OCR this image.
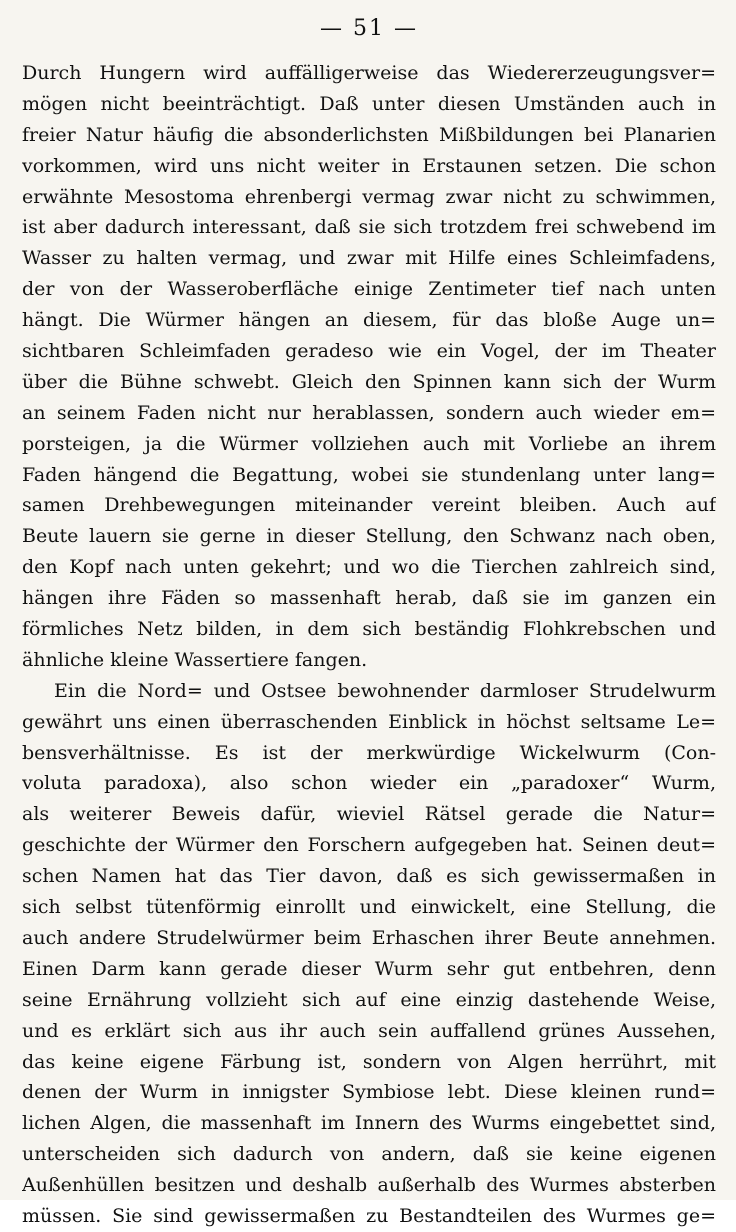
— 51 —
Durch Hungern wird auffälligerweise das Wiedererzeugungsver=
mögen nicht beeinträchtigt. Daß unter diesen Umständen auch in
freier Natur häufig die absonderlichsten Mißbildungen bei Planarien
vorkommen, wird uns nicht weiter in Erstaunen setzen. Die schon
erwähnte Mesostoma ehrenbergi vermag zwar nicht zu schwimmen,
ist aber dadurch interessant, daß sie sich trotzdem frei schwebend im
Wasser zu halten vermag, und zwar mit Hilfe eines Schleimfadens,
der von der Wasseroberfläche einige Zentimeter tief nach unten
hängt. Die Würmer hängen an diesem, für das bloße Auge un=
sichtbaren Schleimfaden geradeso wie ein Vogel, der im Theater
über die Bühne schwebt. Gleich den Spinnen kann sich der Wurm
an seinem Faden nicht nur herablassen, sondern auch wieder em=
porsteigen, ja die Würmer vollziehen auch mit Vorliebe an ihrem
Faden hängend die Begattung, wobei sie stundenlang unter lang=
samen Drehbewegungen miteinander vereint bleiben. Auch auf
Beute lauern sie gerne in dieser Stellung, den Schwanz nach oben,
den Kopf nach unten gekehrt; und wo die Tierchen zahlreich sind,
hängen ihre Fäden so massenhaft herab, daß sie im ganzen ein
förmliches Netz bilden, in dem sich beständig Flohkrebschen und
ähnliche kleine Wassertiere fangen.
Ein die Nord= und Ostsee bewohnender darmloser Strudelwurm
gewährt uns einen überraschenden Einblick in höchst seltsame Le=
bensverhältnisse. Es ist der merkwürdige Wickelwurm (Con-
voluta paradoxa), also schon wieder ein „paradoxer“ Wurm,
als weiterer Beweis dafür, wieviel Rätsel gerade die Natur=
geschichte der Würmer den Forschern aufgegeben hat. Seinen deut=
schen Namen hat das Tier davon, daß es sich gewissermaßen in
sich selbst tütenförmig einrollt und einwickelt, eine Stellung, die
auch andere Strudelwürmer beim Erhaschen ihrer Beute annehmen.
Einen Darm kann gerade dieser Wurm sehr gut entbehren, denn
seine Ernährung vollzieht sich auf eine einzig dastehende Weise,
und es erklärt sich aus ihr auch sein auffallend grünes Aussehen,
das keine eigene Färbung ist, sondern von Algen herrührt, mit
denen der Wurm in innigster Symbiose lebt. Diese kleinen rund=
lichen Algen, die massenhaft im Innern des Wurms eingebettet sind,
unterscheiden sich dadurch von andern, daß sie keine eigenen
Außenhüllen besitzen und deshalb außerhalb des Wurmes absterben
müssen. Sie sind gewissermaßen zu Bestandteilen des Wurmes ge=
